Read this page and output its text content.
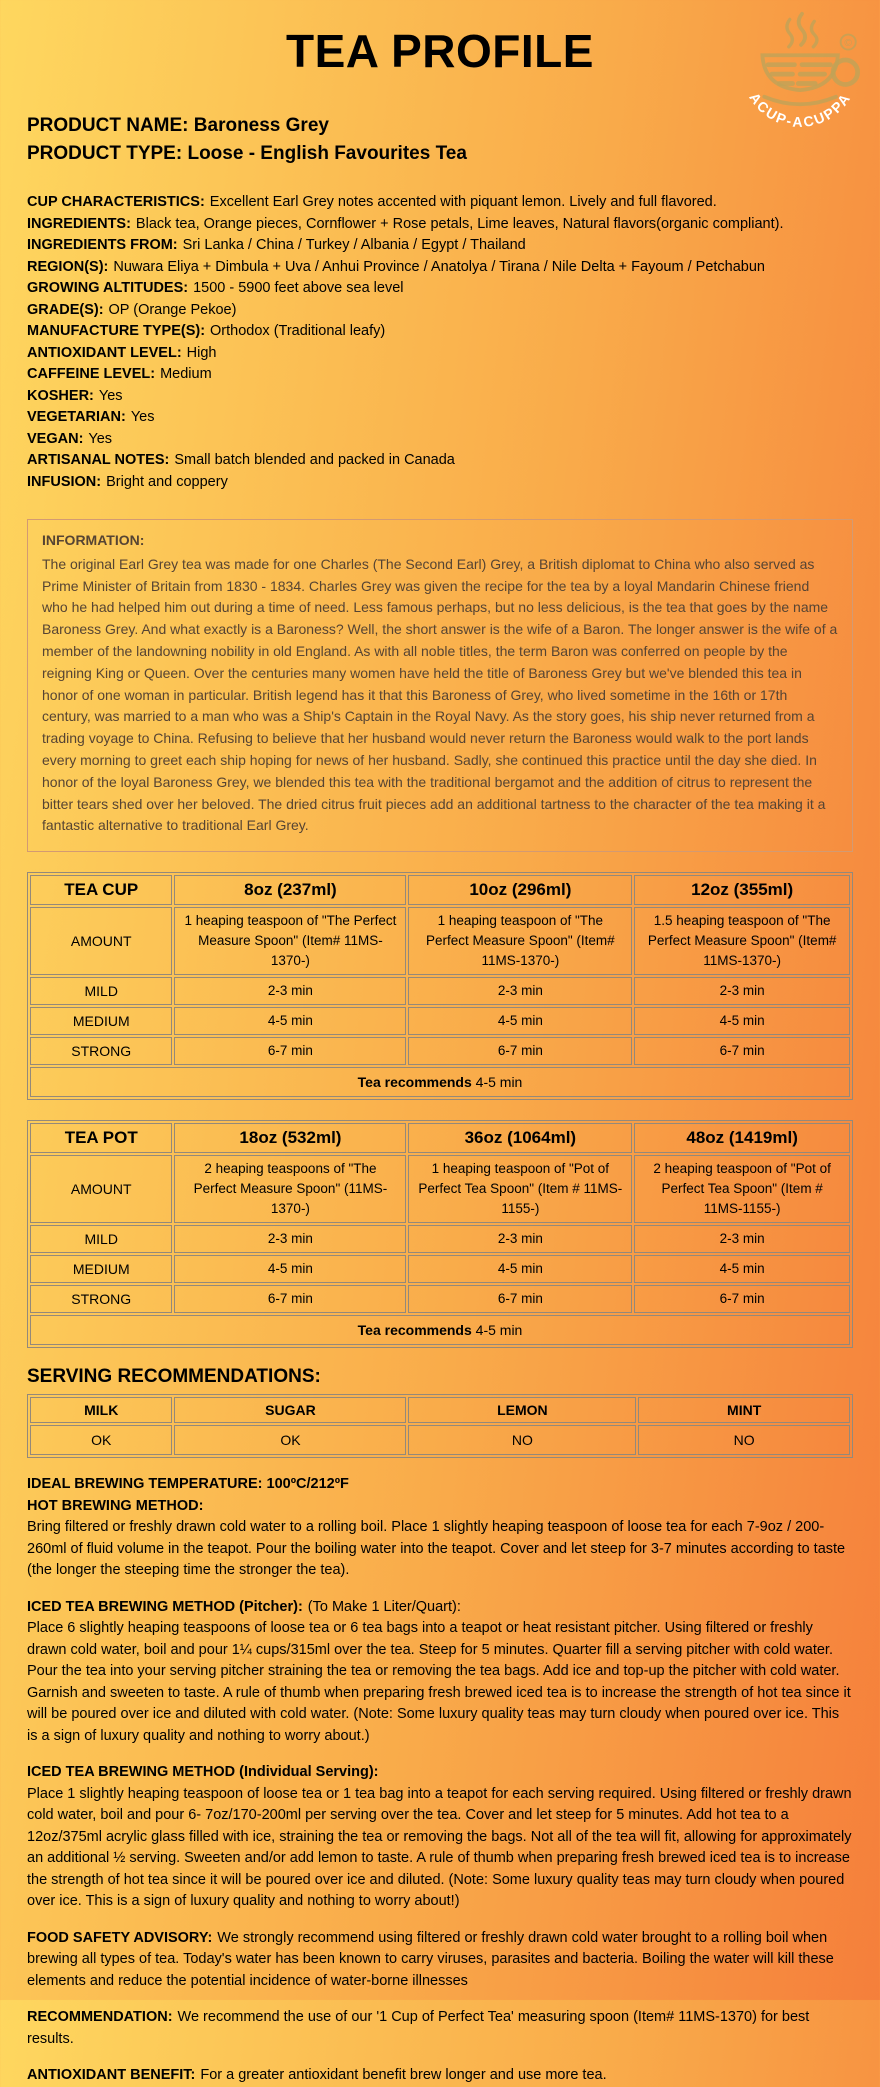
TEA PROFILE	©
ACUP-ACUPPA
PRODUCT NAME: Baroness Grey
PRODUCT TYPE: Loose - English Favourites Tea
CUP CHARACTERISTICS: Excellent Earl Grey notes accented with piquant lemon. Lively and full flavored.
INGREDIENTS: Black tea, Orange pieces, Cornflower + Rose petals, Lime leaves, Natural flavors(organic compliant).
INGREDIENTS FROM: Sri Lanka / China / Turkey / Albania / Egypt / Thailand
REGION(S): Nuwara Eliya + Dimbula + Uva / Anhui Province / Anatolya / Tirana / Nile Delta + Fayoum / Petchabun
GROWING ALTITUDES: 1500 - 5900 feet above sea level
GRADE(S): OP (Orange Pekoe)
MANUFACTURE TYPE(S): Orthodox (Traditional leafy)
ANTIOXIDANT LEVEL: High
CAFFEINE LEVEL: Medium
KOSHER: Yes
VEGETARIAN: Yes
VEGAN: Yes
ARTISANAL NOTES: Small batch blended and packed in Canada
INFUSION: Bright and coppery
INFORMATION:
The original Earl Grey tea was made for one Charles (The Second Earl) Grey, a British diplomat to China who also served as Prime Minister of Britain from 1830 - 1834. Charles Grey was given the recipe for the tea by a loyal Mandarin Chinese friend who he had helped him out during a time of need. Less famous perhaps, but no less delicious, is the tea that goes by the name Baroness Grey. And what exactly is a Baroness? Well, the short answer is the wife of a Baron. The longer answer is the wife of a member of the landowning nobility in old England. As with all noble titles, the term Baron was conferred on people by the reigning King or Queen. Over the centuries many women have held the title of Baroness Grey but we've blended this tea in honor of one woman in particular. British legend has it that this Baroness of Grey, who lived sometime in the 16th or 17th century, was married to a man who was a Ship's Captain in the Royal Navy. As the story goes, his ship never returned from a trading voyage to China. Refusing to believe that her husband would never return the Baroness would walk to the port lands every morning to greet each ship hoping for news of her husband. Sadly, she continued this practice until the day she died. In honor of the loyal Baroness Grey, we blended this tea with the traditional bergamot and the addition of citrus to represent the bitter tears shed over her beloved. The dried citrus fruit pieces add an additional tartness to the character of the tea making it a fantastic alternative to traditional Earl Grey.
TEA CUP	8oz (237ml)	10oz (296ml)	12oz (355ml)
AMOUNT	1 heaping teaspoon of "The Perfect Measure Spoon" (Item# 11MS-1370-)	1 heaping teaspoon of "The Perfect Measure Spoon" (Item# 11MS-1370-)	1.5 heaping teaspoon of "The Perfect Measure Spoon" (Item# 11MS-1370-)
MILD	2-3 min	2-3 min	2-3 min
MEDIUM	4-5 min	4-5 min	4-5 min
STRONG	6-7 min	6-7 min	6-7 min
Tea recommends 4-5 min			
TEA POT	18oz (532ml)	36oz (1064ml)	48oz (1419ml)
AMOUNT	2 heaping teaspoons of "The Perfect Measure Spoon" (11MS-1370-)	1 heaping teaspoon of "Pot of Perfect Tea Spoon" (Item # 11MS-1155-)	2 heaping teaspoon of "Pot of Perfect Tea Spoon" (Item # 11MS-1155-)
MILD	2-3 min	2-3 min	2-3 min
MEDIUM	4-5 min	4-5 min	4-5 min
STRONG	6-7 min	6-7 min	6-7 min
Tea recommends 4-5 min			
SERVING RECOMMENDATIONS:
MILK	SUGAR	LEMON	MINT
OK	OK	NO	NO
IDEAL BREWING TEMPERATURE: 100ºC/212ºF
HOT BREWING METHOD:
Bring filtered or freshly drawn cold water to a rolling boil. Place 1 slightly heaping teaspoon of loose tea for each 7-9oz / 200-260ml of fluid volume in the teapot. Pour the boiling water into the teapot. Cover and let steep for 3-7 minutes according to taste (the longer the steeping time the stronger the tea).
ICED TEA BREWING METHOD (Pitcher): (To Make 1 Liter/Quart):
Place 6 slightly heaping teaspoons of loose tea or 6 tea bags into a teapot or heat resistant pitcher. Using filtered or freshly drawn cold water, boil and pour 1¼ cups/315ml over the tea. Steep for 5 minutes. Quarter fill a serving pitcher with cold water. Pour the tea into your serving pitcher straining the tea or removing the tea bags. Add ice and top-up the pitcher with cold water. Garnish and sweeten to taste. A rule of thumb when preparing fresh brewed iced tea is to increase the strength of hot tea since it will be poured over ice and diluted with cold water. (Note: Some luxury quality teas may turn cloudy when poured over ice. This is a sign of luxury quality and nothing to worry about.)
ICED TEA BREWING METHOD (Individual Serving):
Place 1 slightly heaping teaspoon of loose tea or 1 tea bag into a teapot for each serving required. Using filtered or freshly drawn cold water, boil and pour 6- 7oz/170-200ml per serving over the tea. Cover and let steep for 5 minutes. Add hot tea to a 12oz/375ml acrylic glass filled with ice, straining the tea or removing the bags. Not all of the tea will fit, allowing for approximately an additional ½ serving. Sweeten and/or add lemon to taste. A rule of thumb when preparing fresh brewed iced tea is to increase the strength of hot tea since it will be poured over ice and diluted. (Note: Some luxury quality teas may turn cloudy when poured over ice. This is a sign of luxury quality and nothing to worry about!)
FOOD SAFETY ADVISORY: We strongly recommend using filtered or freshly drawn cold water brought to a rolling boil when brewing all types of tea. Today's water has been known to carry viruses, parasites and bacteria. Boiling the water will kill these elements and reduce the potential incidence of water-borne illnesses
RECOMMENDATION: We recommend the use of our '1 Cup of Perfect Tea' measuring spoon (Item# 11MS-1370) for best results.
ANTIOXIDANT BENEFIT: For a greater antioxidant benefit brew longer and use more tea.
